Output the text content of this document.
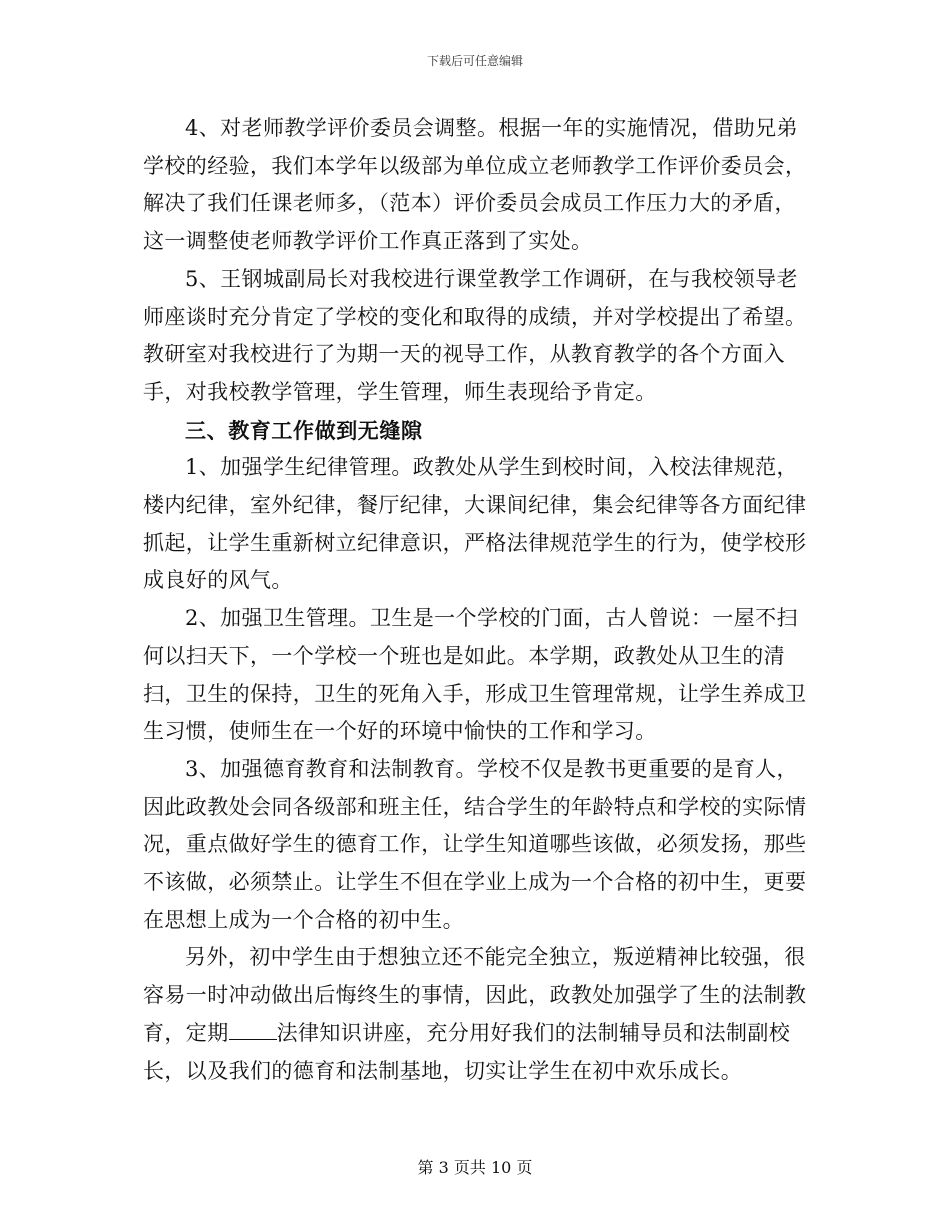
下载后可任意编辑

4、对老师教学评价委员会调整。根据一年的实施情况，借助兄弟学校的经验，我们本学年以级部为单位成立老师教学工作评价委员会，解决了我们任课老师多，（范本）评价委员会成员工作压力大的矛盾，这一调整使老师教学评价工作真正落到了实处。

5、王钢城副局长对我校进行课堂教学工作调研，在与我校领导老师座谈时充分肯定了学校的变化和取得的成绩，并对学校提出了希望。教研室对我校进行了为期一天的视导工作，从教育教学的各个方面入手，对我校教学管理，学生管理，师生表现给予肯定。

三、教育工作做到无缝隙

1、加强学生纪律管理。政教处从学生到校时间，入校法律规范，楼内纪律，室外纪律，餐厅纪律，大课间纪律，集会纪律等各方面纪律抓起，让学生重新树立纪律意识，严格法律规范学生的行为，使学校形成良好的风气。

2、加强卫生管理。卫生是一个学校的门面，古人曾说：一屋不扫何以扫天下，一个学校一个班也是如此。本学期，政教处从卫生的清扫，卫生的保持，卫生的死角入手，形成卫生管理常规，让学生养成卫生习惯，使师生在一个好的环境中愉快的工作和学习。

3、加强德育教育和法制教育。学校不仅是教书更重要的是育人，因此政教处会同各级部和班主任，结合学生的年龄特点和学校的实际情况，重点做好学生的德育工作，让学生知道哪些该做，必须发扬，那些不该做，必须禁止。让学生不但在学业上成为一个合格的初中生，更要在思想上成为一个合格的初中生。

另外，初中学生由于想独立还不能完全独立，叛逆精神比较强，很容易一时冲动做出后悔终生的事情，因此，政教处加强学了生的法制教育，定期 法律知识讲座，充分用好我们的法制辅导员和法制副校长，以及我们的德育和法制基地，切实让学生在初中欢乐成长。

第 3 页共 10 页
